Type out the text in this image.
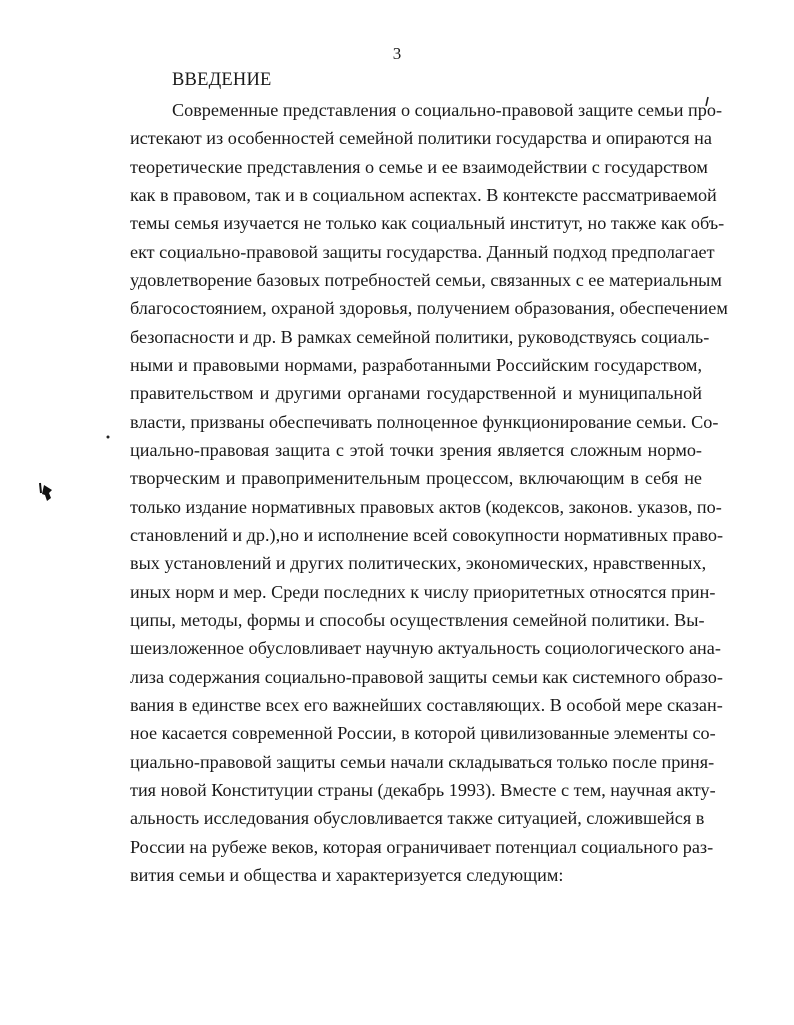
3
ВВЕДЕНИЕ
Современные представления о социально-правовой защите семьи про-
истекают из особенностей семейной политики государства и опираются на
теоретические представления о семье и ее взаимодействии с государством
как в правовом, так и в социальном аспектах. В контексте рассматриваемой
темы семья изучается не только как социальный институт, но также как объ-
ект социально-правовой защиты государства. Данный подход предполагает
удовлетворение базовых потребностей семьи, связанных с ее материальным
благосостоянием, охраной здоровья, получением образования, обеспечением
безопасности и др. В рамках семейной политики, руководствуясь социаль-
ными и правовыми нормами, разработанными Российским государством,
правительством и другими органами государственной и муниципальной
власти, призваны обеспечивать полноценное функционирование семьи. Со-
циально-правовая защита с этой точки зрения является сложным нормо-
творческим и правоприменительным процессом, включающим в себя не
только издание нормативных правовых актов (кодексов, законов. указов, по-
становлений и др.),но и исполнение всей совокупности нормативных право-
вых установлений и других политических, экономических, нравственных,
иных норм и мер. Среди последних к числу приоритетных относятся прин-
ципы, методы, формы и способы осуществления семейной политики. Вы-
шеизложенное обусловливает научную актуальность социологического ана-
лиза содержания социально-правовой защиты семьи как системного образо-
вания в единстве всех его важнейших составляющих. В особой мере сказан-
ное касается современной России, в которой цивилизованные элементы со-
циально-правовой защиты семьи начали складываться только после приня-
тия новой Конституции страны (декабрь 1993). Вместе с тем, научная акту-
альность исследования обусловливается также ситуацией, сложившейся в
России на рубеже веков, которая ограничивает потенциал социального раз-
вития семьи и общества и характеризуется следующим:
